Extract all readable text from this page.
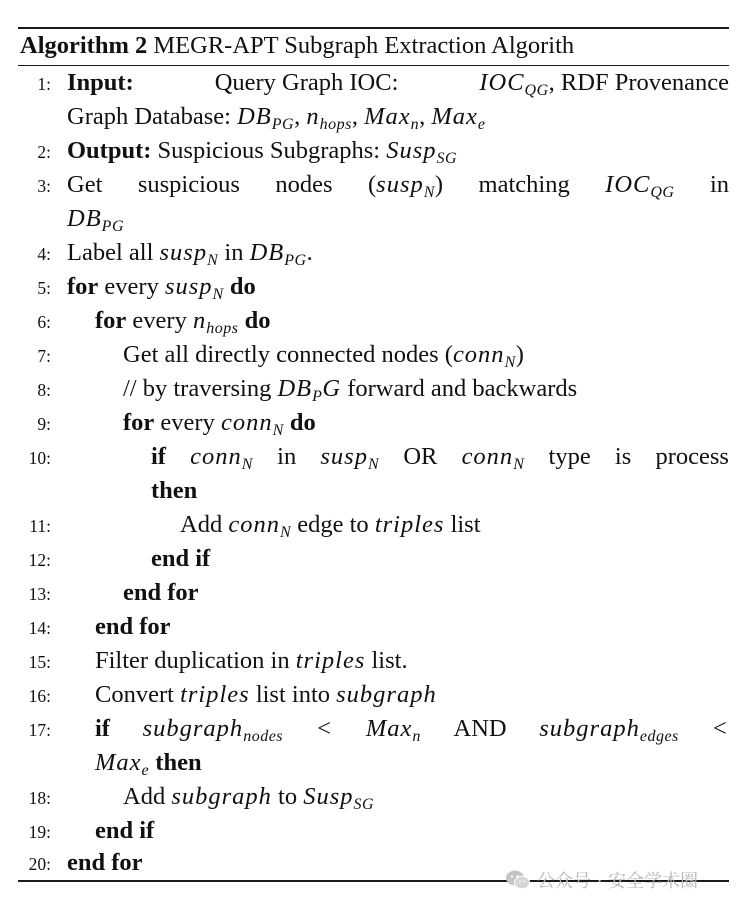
Algorithm 2 MEGR-APT Subgraph Extraction Algorith
1: Input:	Query Graph IOC:	$IOC_{QG}$, RDF Provenance
Graph Database: $DB_{PG}$, $n_{hops}$, Max$_n$, Max$_e$
2: Output: Suspicious Subgraphs: Susp$_{SG}$
3: Get suspicious nodes (susp$_N$) matching $IOC_{QG}$ in
$DB_{PG}$
4: Label all susp$_N$ in $DB_{PG}$.
5: for every susp$_N$ do
6: for every $n_{hops}$ do
7:	Get all directly connected nodes (conn$_N$)
8:	// by traversing $DB_PG$ forward and backwards
9:	for every conn$_N$ do
10:	if conn$_N$ in susp$_N$ OR conn$_N$ type is process
then
11:	Add conn$_N$ edge to triples list
12:	end if
13:	end for
14: end for
15: Filter duplication in triples list.
16: Convert triples list into subgraph
17: if subgraph$_{nodes}$ < Max$_n$ AND subgraph$_{edges}$ <
Max$_e$ then
18:	Add subgraph to Susp$_{SG}$
19: end if
20: end for
公众号 · 安全学术圈
